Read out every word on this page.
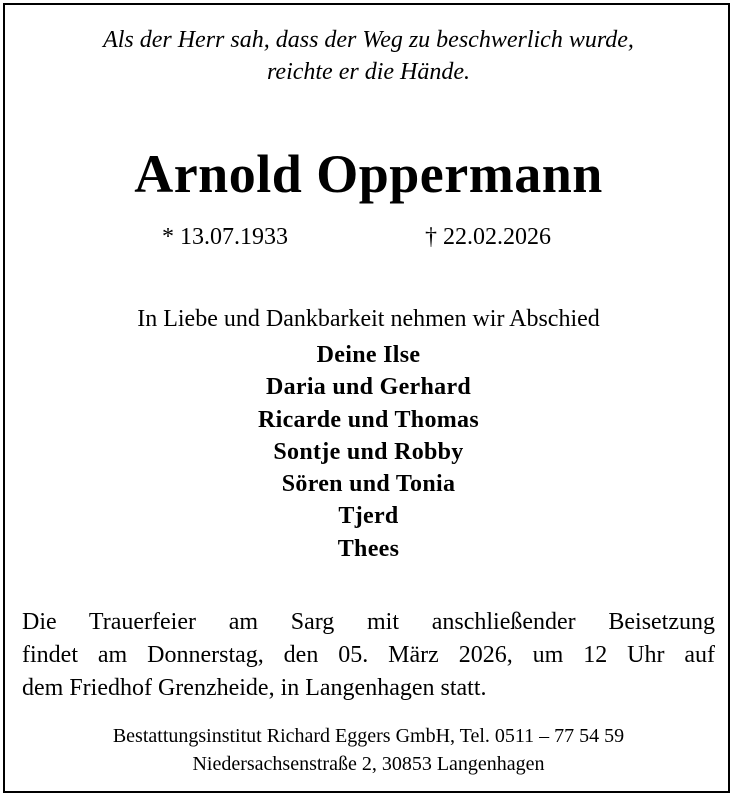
Als der Herr sah, dass der Weg zu beschwerlich wurde,
reichte er die Hände.
Arnold Oppermann
* 13.07.1933	† 22.02.2026
In Liebe und Dankbarkeit nehmen wir Abschied
Deine Ilse
Daria und Gerhard
Ricarde und Thomas
Sontje und Robby
Sören und Tonia
Tjerd
Thees
Die Trauerfeier am Sarg mit anschließender Beisetzung
findet am Donnerstag, den 05. März 2026, um 12 Uhr auf
dem Friedhof Grenzheide, in Langenhagen statt.
Bestattungsinstitut Richard Eggers GmbH, Tel. 0511 – 77 54 59
Niedersachsenstraße 2, 30853 Langenhagen
